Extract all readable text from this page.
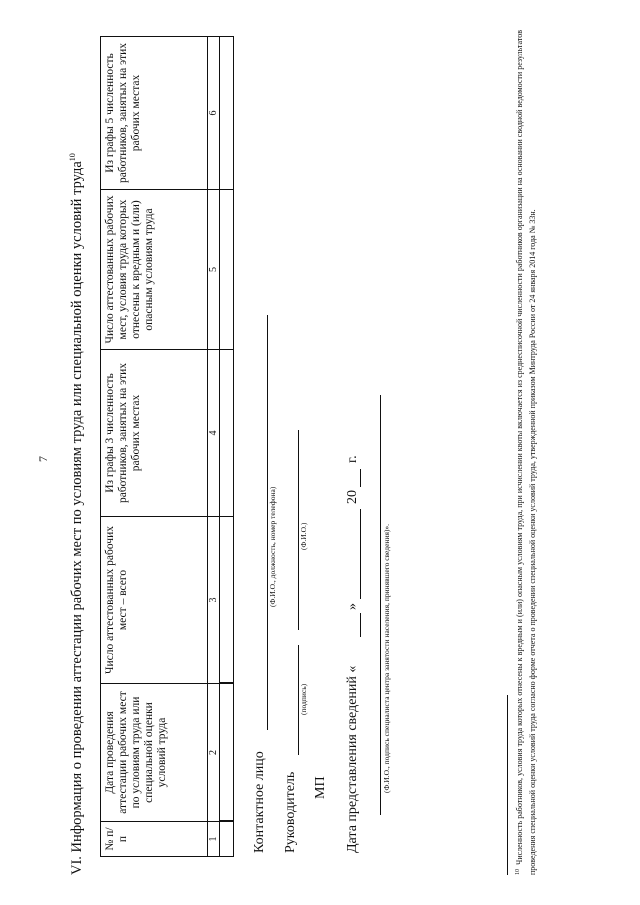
7 VI. Информация о проведении аттестации рабочих мест по условиям труда или специальной оценки условий труда$^{10}$
№ п/п	Дата проведения аттестации рабочих мест по условиям труда или специальной оценки условий труда	Число аттестованных рабочих мест – всего	Из графы 3 численность работников, занятых на этих рабочих местах	Число аттестованных рабочих мест, условия труда которых отнесены к вредным и (или) опасным условиям труда	Из графы 5 численность работников, занятых на этих рабочих местах
1	2	3	4	5	6

Контактное лицо
(Ф.И.О., должность, номер телефона)
Руководитель
(подпись)
(Ф.И.О.)
МП Дата представления сведений «
»
20
г.
(Ф.И.О., подпись специалиста центра занятости населения, принявшего сведения)».
$^{10}$  Численность работников, условия труда которых отнесены к вредным и (или) опасным условиям труда, при исчислении квоты включается из среднесписочной численности работников организации на основании сводной ведомости результатов проведения специальной оценки условий труда согласно форме отчета о проведении специальной оценки условий труда, утвержденной приказом Минтруда России от 24 января 2014 года № 33н.
